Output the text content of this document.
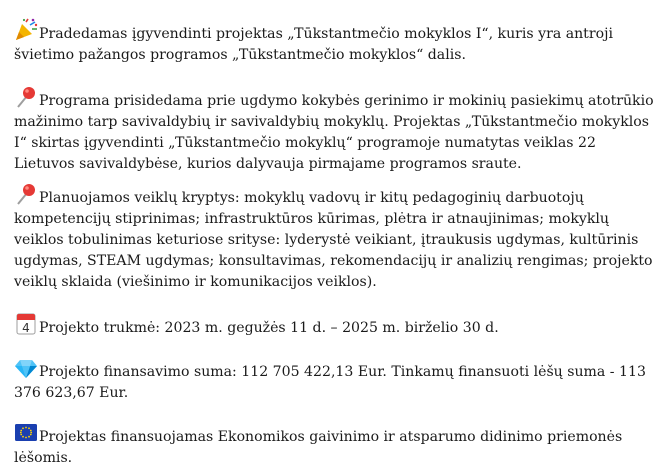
Pradedamas įgyvendinti projektas „Tūkstantmečio mokyklos I“, kuris yra antroji švietimo pažangos programos „Tūkstantmečio mokyklos“ dalis.

Programa prisidedama prie ugdymo kokybės gerinimo ir mokinių pasiekimų atotrūkio mažinimo tarp savivaldybių ir savivaldybių mokyklų. Projektas „Tūkstantmečio mokyklos I“ skirtas įgyvendinti „Tūkstantmečio mokyklų“ programoje numatytas veiklas 22 Lietuvos savivaldybėse, kurios dalyvauja pirmajame programos sraute.

Planuojamos veiklų kryptys: mokyklų vadovų ir kitų pedagoginių darbuotojų kompetencijų stiprinimas; infrastruktūros kūrimas, plėtra ir atnaujinimas; mokyklų veiklos tobulinimas keturiose srityse: lyderystė veikiant, įtraukusis ugdymas, kultūrinis ugdymas, STEAM ugdymas; konsultavimas, rekomendacijų ir analizių rengimas; projekto veiklų sklaida (viešinimo ir komunikacijos veiklos).

4 Projekto trukmė: 2023 m. gegužės 11 d. – 2025 m. birželio 30 d.

Projekto finansavimo suma: 112 705 422,13 Eur. Tinkamų finansuoti lėšų suma - 113 376 623,67 Eur.

Projektas finansuojamas Ekonomikos gaivinimo ir atsparumo didinimo priemonės lėšomis.
